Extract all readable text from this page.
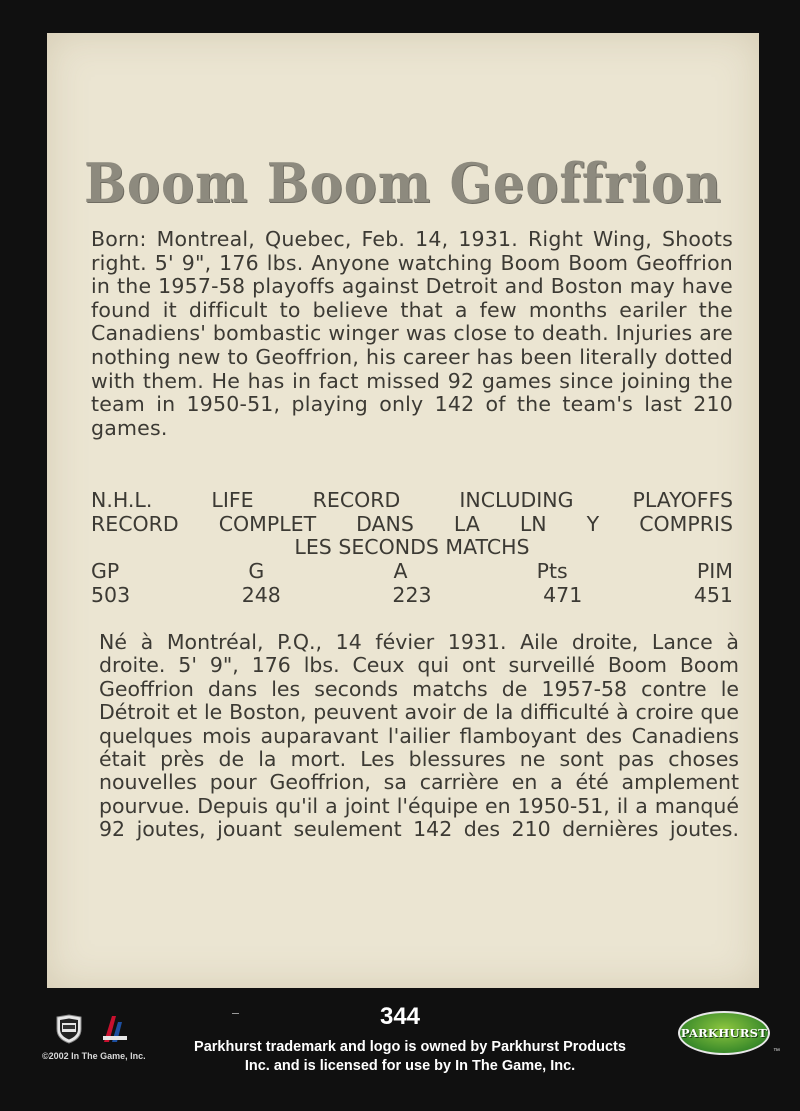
Boom Boom Geoffrion
Born: Montreal, Quebec, Feb. 14, 1931. Right Wing, Shoots right. 5' 9", 176 lbs. Anyone watching Boom Boom Geoffrion in the 1957-58 playoffs against Detroit and Boston may have found it difficult to believe that a few months eariler the Canadiens' bombastic winger was close to death. Injuries are nothing new to Geoffrion, his career has been literally dotted with them. He has in fact missed 92 games since joining the team in 1950-51, playing only 142 of the team's last 210 games.
N.H.L. LIFE RECORD INCLUDING PLAYOFFS
RECORD COMPLET DANS LA LN Y COMPRIS
LES SECONDS MATCHS
GP	G	A	Pts	PIM
503	248	223	471	451
Né à Montréal, P.Q., 14 févier 1931. Aile droite, Lance à droite. 5' 9", 176 lbs. Ceux qui ont surveillé Boom Boom Geoffrion dans les seconds matchs de 1957-58 contre le Détroit et le Boston, peuvent avoir de la difficulté à croire que quelques mois auparavant l'ailier flamboyant des Canadiens était près de la mort. Les blessures ne sont pas choses nouvelles pour Geoffrion, sa carrière en a été amplement pourvue. Depuis qu'il a joint l'équipe en 1950-51, il a manqué 92 joutes, jouant seulement 142 des 210 dernières joutes.
©2002 In The Game, Inc.
344
Parkhurst trademark and logo is owned by Parkhurst Products
Inc. and is licensed for use by In The Game, Inc.
PARKHURST
™
